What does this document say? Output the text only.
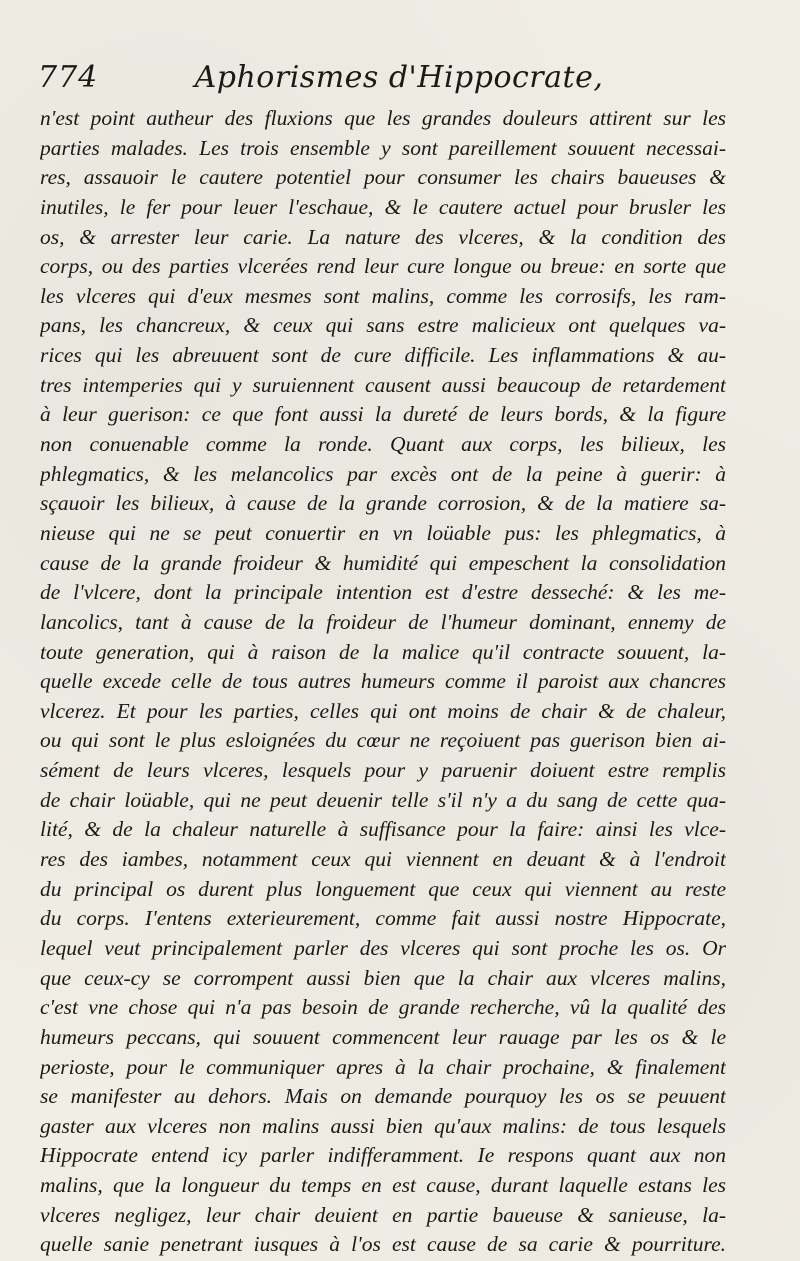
774	Aphorismes d'Hippocrate,
n'est point autheur des fluxions que les grandes douleurs attirent sur les
parties malades. Les trois ensemble y sont pareillement souuent necessai-
res, assauoir le cautere potentiel pour consumer les chairs baueuses &
inutiles, le fer pour leuer l'eschaue, & le cautere actuel pour brusler les
os, & arrester leur carie. La nature des vlceres, & la condition des
corps, ou des parties vlcerées rend leur cure longue ou breue: en sorte que
les vlceres qui d'eux mesmes sont malins, comme les corrosifs, les ram-
pans, les chancreux, & ceux qui sans estre malicieux ont quelques va-
rices qui les abreuuent sont de cure difficile. Les inflammations & au-
tres intemperies qui y suruiennent causent aussi beaucoup de retardement
à leur guerison: ce que font aussi la dureté de leurs bords, & la figure
non conuenable comme la ronde. Quant aux corps, les bilieux, les
phlegmatics, & les melancolics par excès ont de la peine à guerir: à
sçauoir les bilieux, à cause de la grande corrosion, & de la matiere sa-
nieuse qui ne se peut conuertir en vn loüable pus: les phlegmatics, à
cause de la grande froideur & humidité qui empeschent la consolidation
de l'vlcere, dont la principale intention est d'estre desseché: & les me-
lancolics, tant à cause de la froideur de l'humeur dominant, ennemy de
toute generation, qui à raison de la malice qu'il contracte souuent, la-
quelle excede celle de tous autres humeurs comme il paroist aux chancres
vlcerez. Et pour les parties, celles qui ont moins de chair & de chaleur,
ou qui sont le plus esloignées du cœur ne reçoiuent pas guerison bien ai-
sément de leurs vlceres, lesquels pour y paruenir doiuent estre remplis
de chair loüable, qui ne peut deuenir telle s'il n'y a du sang de cette qua-
lité, & de la chaleur naturelle à suffisance pour la faire: ainsi les vlce-
res des iambes, notamment ceux qui viennent en deuant & à l'endroit
du principal os durent plus longuement que ceux qui viennent au reste
du corps. I'entens exterieurement, comme fait aussi nostre Hippocrate,
lequel veut principalement parler des vlceres qui sont proche les os. Or
que ceux-cy se corrompent aussi bien que la chair aux vlceres malins,
c'est vne chose qui n'a pas besoin de grande recherche, vû la qualité des
humeurs peccans, qui souuent commencent leur rauage par les os & le
perioste, pour le communiquer apres à la chair prochaine, & finalement
se manifester au dehors. Mais on demande pourquoy les os se peuuent
gaster aux vlceres non malins aussi bien qu'aux malins: de tous lesquels
Hippocrate entend icy parler indifferamment. Ie respons quant aux non
malins, que la longueur du temps en est cause, durant laquelle estans les
vlceres negligez, leur chair deuient en partie baueuse & sanieuse, la-
quelle sanie penetrant iusques à l'os est cause de sa carie & pourriture.
